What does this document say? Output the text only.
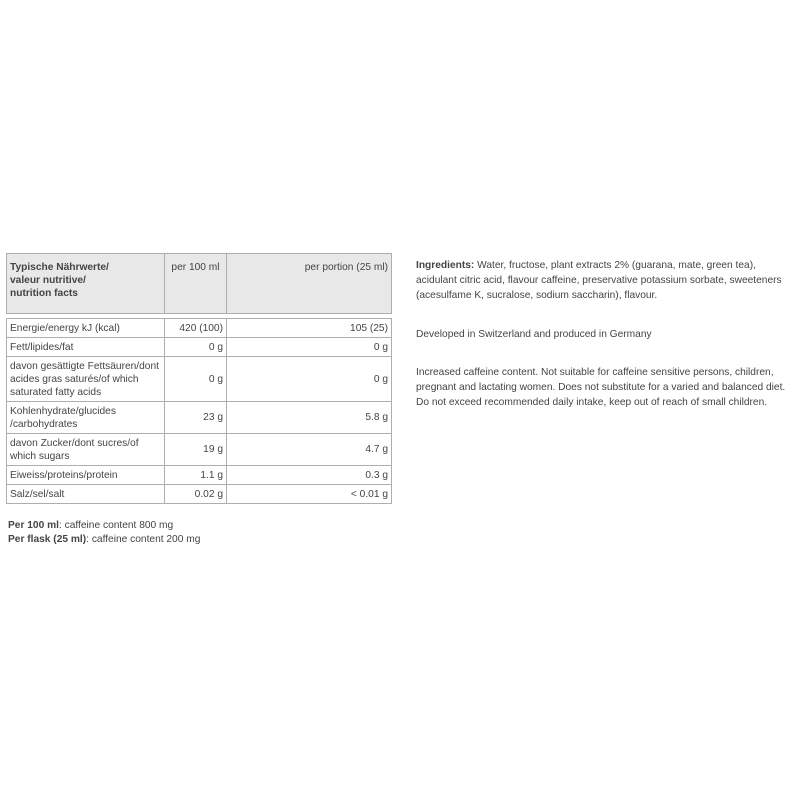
Typische Nährwerte/
valeur nutritive/
nutrition facts	per 100 ml	per portion (25 ml)

Energie/energy kJ (kcal)	420 (100)	105 (25)
Fett/lipides/fat	0 g	0 g
davon gesättigte Fettsäuren/dont acides gras saturés/of which saturated fatty acids	0 g	0 g
Kohlenhydrate/glucides /carbohydrates	23 g	5.8 g
davon Zucker/dont sucres/of which sugars	19 g	4.7 g
Eiweiss/proteins/protein	1.1 g	0.3 g
Salz/sel/salt	0.02 g	< 0.01 g
Per 100 ml: caffeine content 800 mg
Per flask (25 ml): caffeine content 200 mg

Ingredients: Water, fructose, plant extracts 2% (guarana, mate, green tea), acidulant citric acid, flavour caffeine, preservative potassium sorbate, sweeteners (acesulfame K, sucralose, sodium saccharin), flavour.

Developed in Switzerland and produced in Germany

Increased caffeine content. Not suitable for caffeine sensitive persons, children, pregnant and lactating women. Does not substitute for a varied and balanced diet. Do not exceed recommended daily intake, keep out of reach of small children.
